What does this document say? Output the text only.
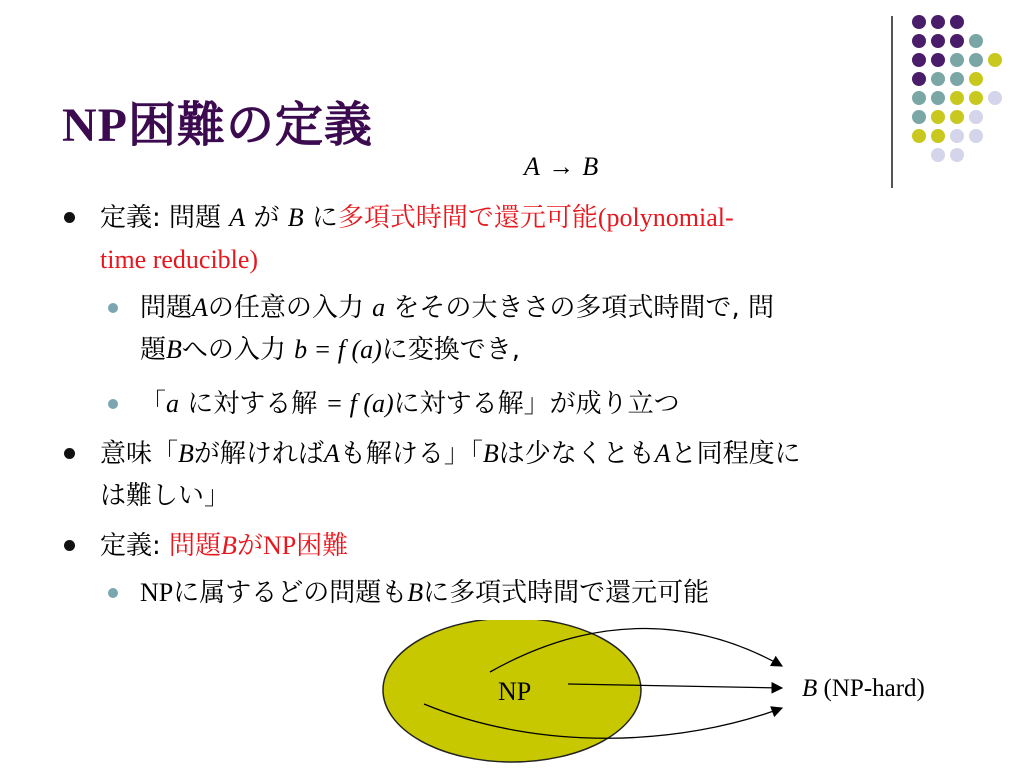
NP困難の定義
A → B
定義: 問題 A が B に多項式時間で還元可能(polynomial-
time reducible)
問題Aの任意の入力 a をその大きさの多項式時間で, 問
題Bへの入力 b = f (a)に変換でき,
「a に対する解 = f (a)に対する解」が成り立つ
意味「Bが解ければAも解ける」「Bは少なくともAと同程度に
は難しい」
定義: 問題BがNP困難
NPに属するどの問題もBに多項式時間で還元可能
NP	B (NP-hard)
